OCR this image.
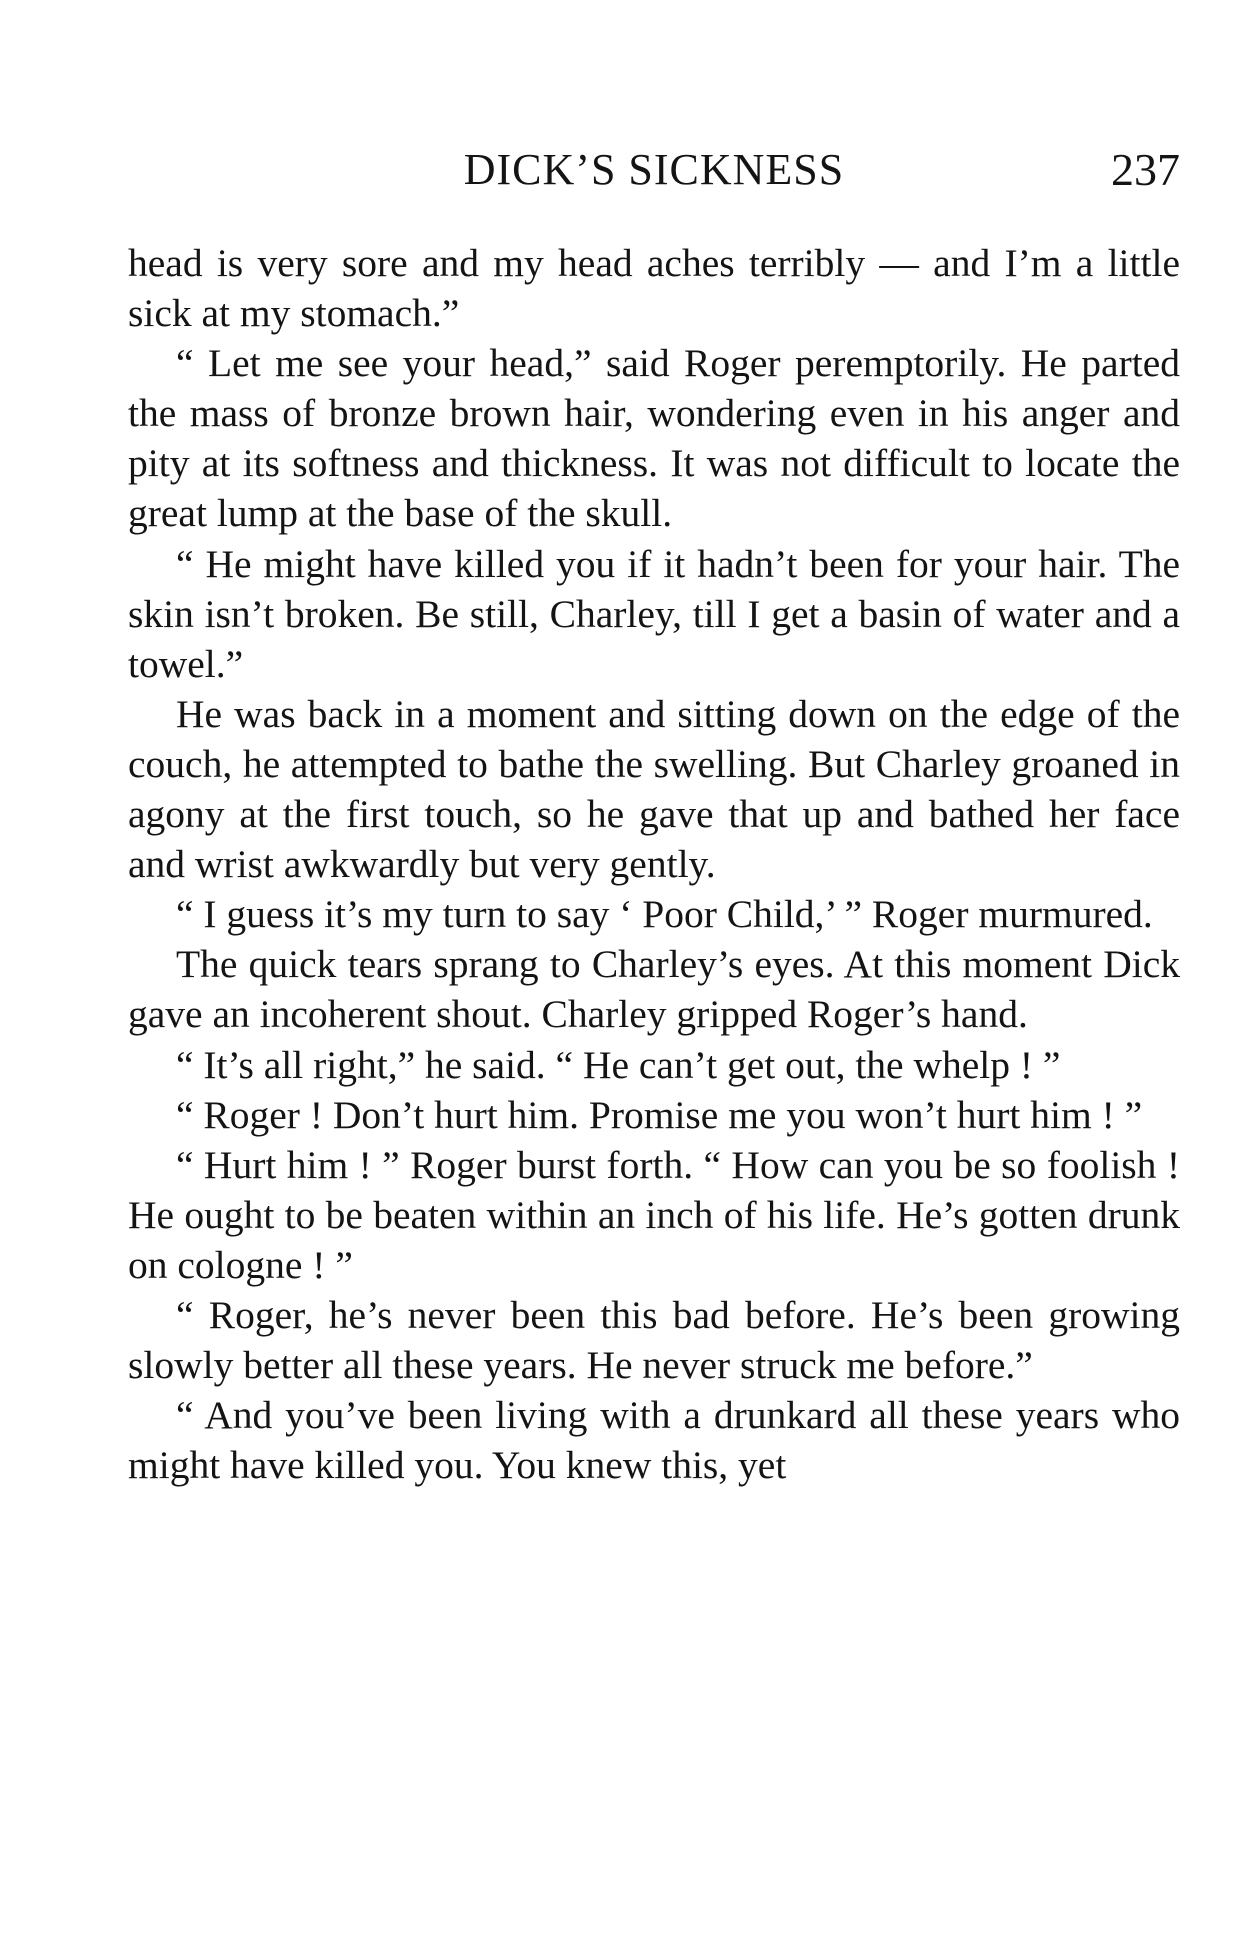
DICK’S SICKNESS	237

head is very sore and my head aches terribly — and I’m a little sick at my stomach.”

“ Let me see your head,” said Roger peremptorily. He parted the mass of bronze brown hair, wondering even in his anger and pity at its softness and thickness. It was not difficult to locate the great lump at the base of the skull.

“ He might have killed you if it hadn’t been for your hair. The skin isn’t broken. Be still, Charley, till I get a basin of water and a towel.”

He was back in a moment and sitting down on the edge of the couch, he attempted to bathe the swelling. But Charley groaned in agony at the first touch, so he gave that up and bathed her face and wrist awkwardly but very gently.

“ I guess it’s my turn to say ‘ Poor Child,’ ” Roger murmured.

The quick tears sprang to Charley’s eyes. At this moment Dick gave an incoherent shout. Charley gripped Roger’s hand.

“ It’s all right,” he said. “ He can’t get out, the whelp ! ”

“ Roger ! Don’t hurt him. Promise me you won’t hurt him ! ”

“ Hurt him ! ” Roger burst forth. “ How can you be so foolish ! He ought to be beaten within an inch of his life. He’s gotten drunk on cologne ! ”

“ Roger, he’s never been this bad before. He’s been growing slowly better all these years. He never struck me before.”

“ And you’ve been living with a drunkard all these years who might have killed you. You knew this, yet
